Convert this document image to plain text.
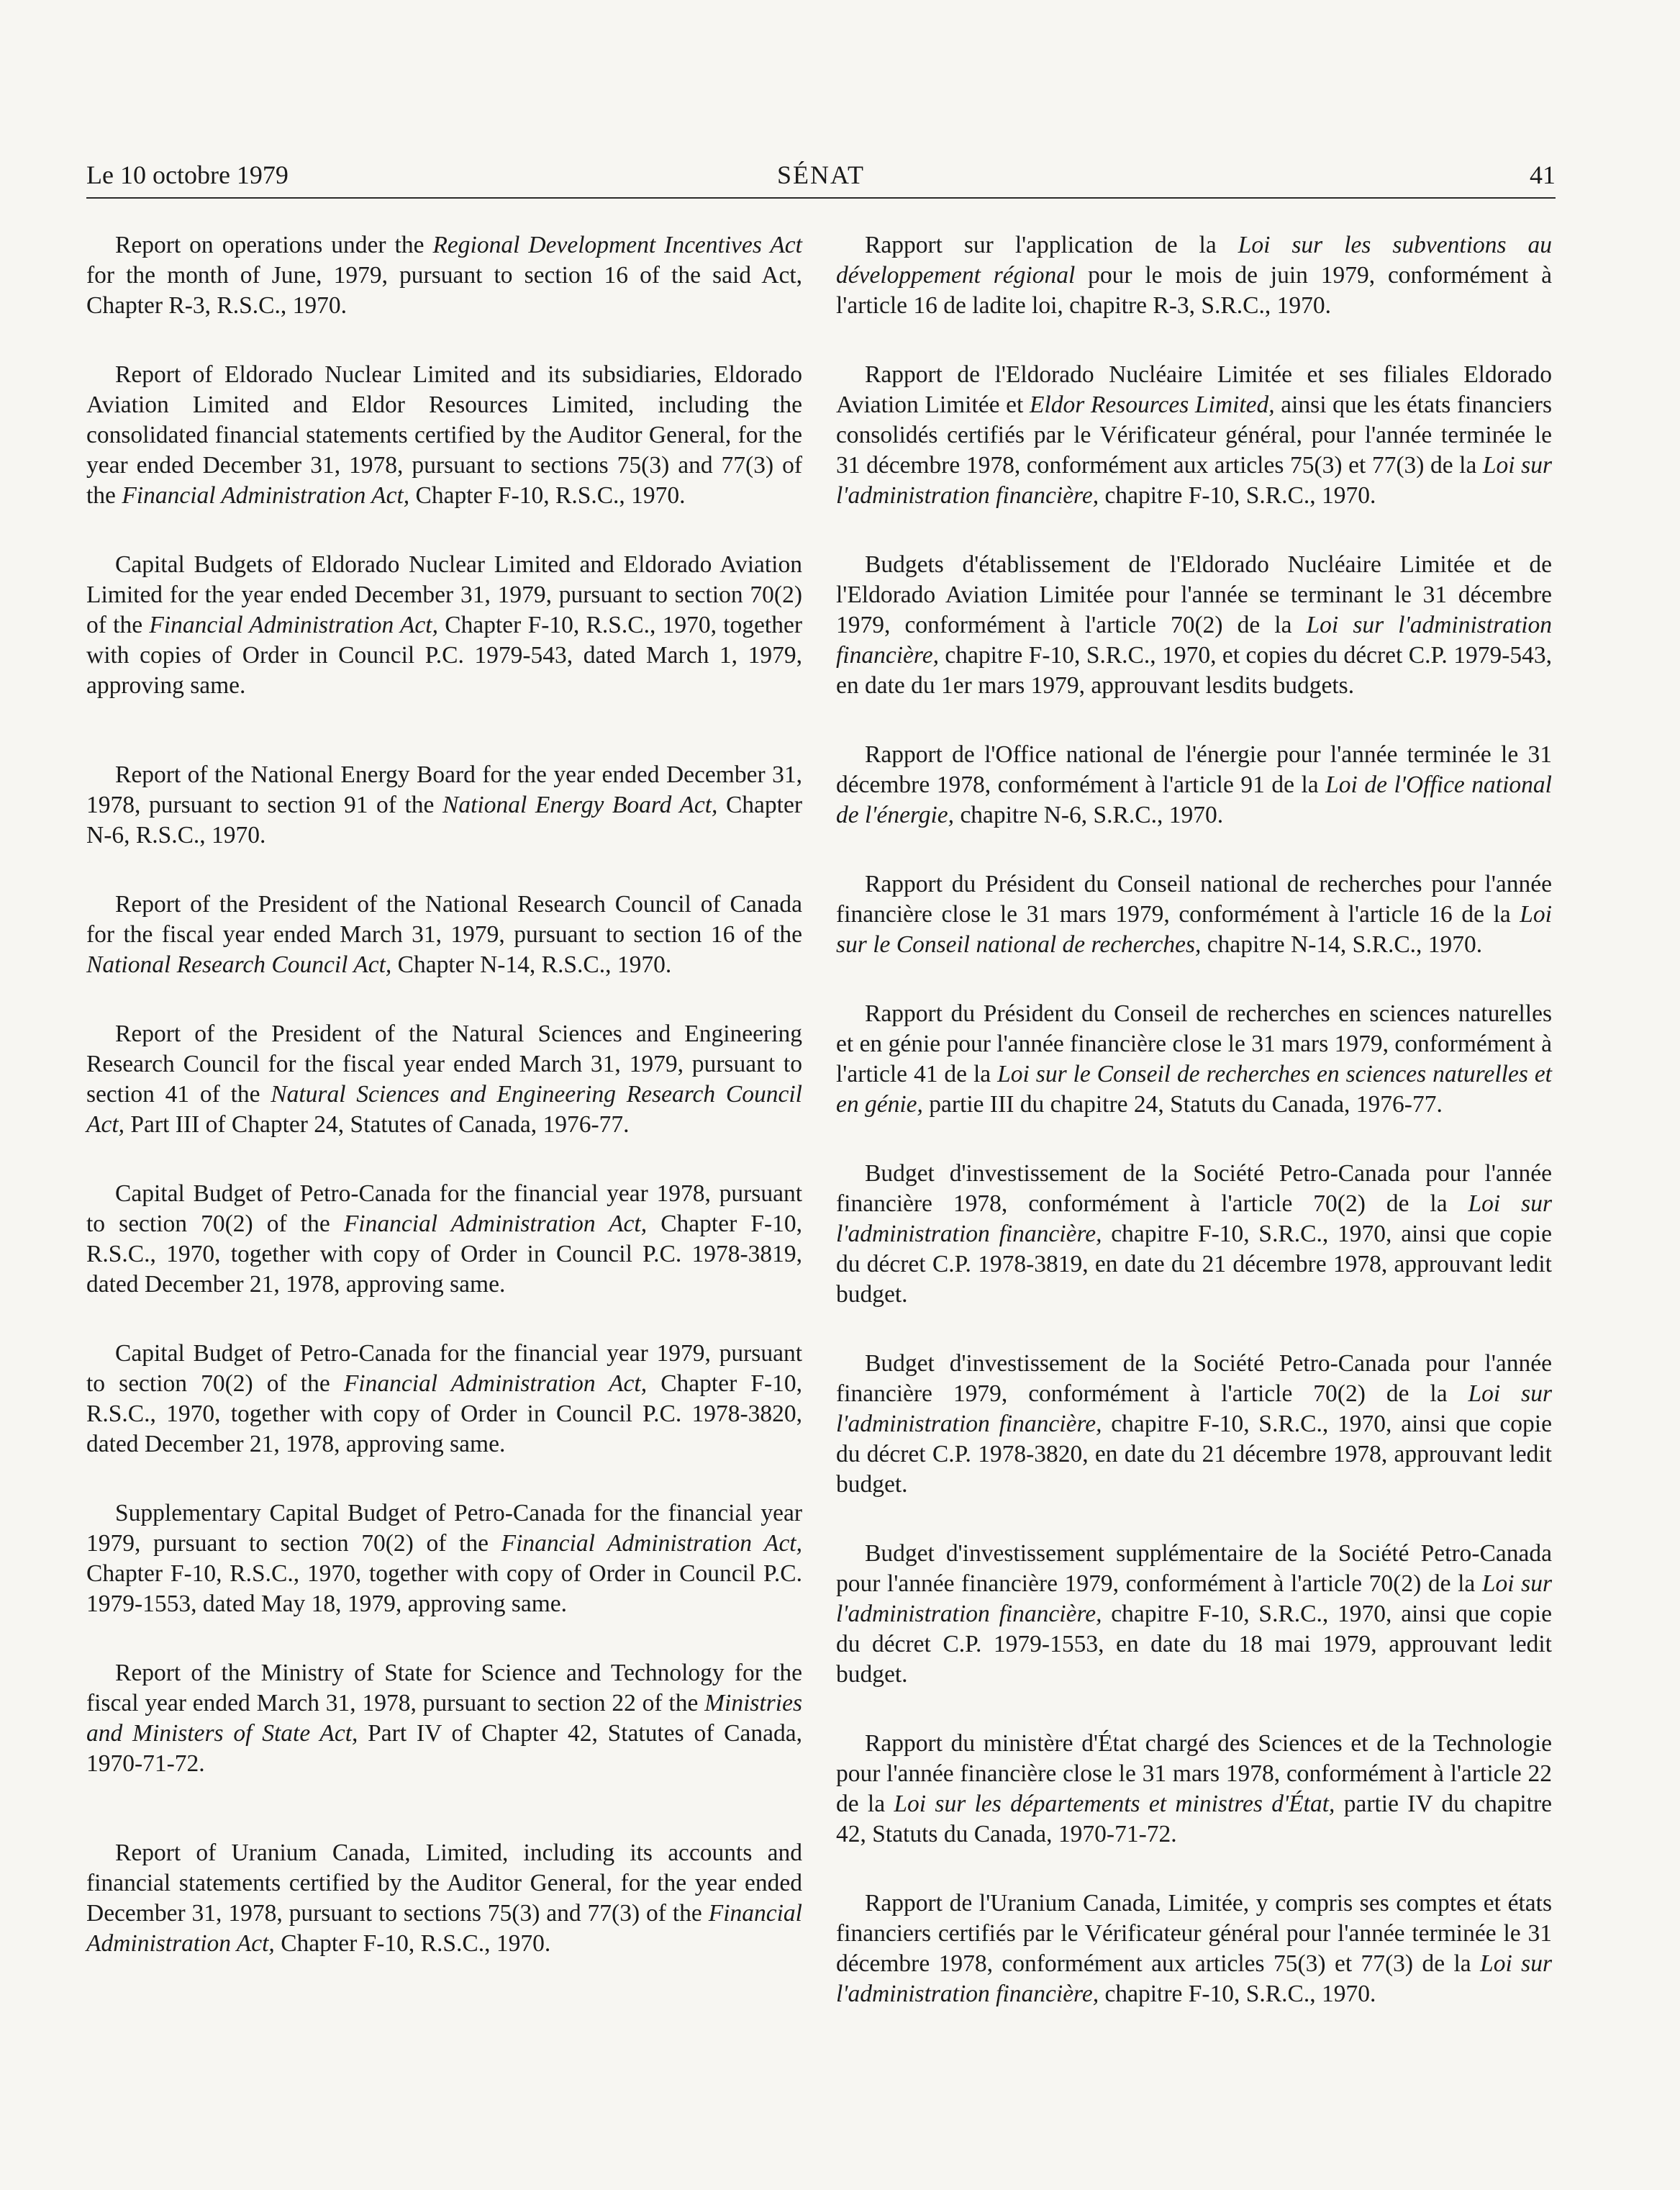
Le 10 octobre 1979	SÉNAT	41

Report on operations under the Regional Development Incentives Act for the month of June, 1979, pursuant to section 16 of the said Act, Chapter R-3, R.S.C., 1970.

Report of Eldorado Nuclear Limited and its subsidiaries, Eldorado Aviation Limited and Eldor Resources Limited, including the consolidated financial statements certified by the Auditor General, for the year ended December 31, 1978, pursuant to sections 75(3) and 77(3) of the Financial Administration Act, Chapter F-10, R.S.C., 1970.

Capital Budgets of Eldorado Nuclear Limited and Eldorado Aviation Limited for the year ended December 31, 1979, pursuant to section 70(2) of the Financial Administration Act, Chapter F-10, R.S.C., 1970, together with copies of Order in Council P.C. 1979-543, dated March 1, 1979, approving same.

Report of the National Energy Board for the year ended December 31, 1978, pursuant to section 91 of the National Energy Board Act, Chapter N-6, R.S.C., 1970.

Report of the President of the National Research Council of Canada for the fiscal year ended March 31, 1979, pursuant to section 16 of the National Research Council Act, Chapter N-14, R.S.C., 1970.

Report of the President of the Natural Sciences and Engineering Research Council for the fiscal year ended March 31, 1979, pursuant to section 41 of the Natural Sciences and Engineering Research Council Act, Part III of Chapter 24, Statutes of Canada, 1976-77.

Capital Budget of Petro-Canada for the financial year 1978, pursuant to section 70(2) of the Financial Administration Act, Chapter F-10, R.S.C., 1970, together with copy of Order in Council P.C. 1978-3819, dated December 21, 1978, approving same.

Capital Budget of Petro-Canada for the financial year 1979, pursuant to section 70(2) of the Financial Administration Act, Chapter F-10, R.S.C., 1970, together with copy of Order in Council P.C. 1978-3820, dated December 21, 1978, approving same.

Supplementary Capital Budget of Petro-Canada for the financial year 1979, pursuant to section 70(2) of the Financial Administration Act, Chapter F-10, R.S.C., 1970, together with copy of Order in Council P.C. 1979-1553, dated May 18, 1979, approving same.

Report of the Ministry of State for Science and Technology for the fiscal year ended March 31, 1978, pursuant to section 22 of the Ministries and Ministers of State Act, Part IV of Chapter 42, Statutes of Canada, 1970-71-72.

Report of Uranium Canada, Limited, including its accounts and financial statements certified by the Auditor General, for the year ended December 31, 1978, pursuant to sections 75(3) and 77(3) of the Financial Administration Act, Chapter F-10, R.S.C., 1970.

Rapport sur l'application de la Loi sur les subventions au développement régional pour le mois de juin 1979, conformément à l'article 16 de ladite loi, chapitre R-3, S.R.C., 1970.

Rapport de l'Eldorado Nucléaire Limitée et ses filiales Eldorado Aviation Limitée et Eldor Resources Limited, ainsi que les états financiers consolidés certifiés par le Vérificateur général, pour l'année terminée le 31 décembre 1978, conformément aux articles 75(3) et 77(3) de la Loi sur l'administration financière, chapitre F-10, S.R.C., 1970.

Budgets d'établissement de l'Eldorado Nucléaire Limitée et de l'Eldorado Aviation Limitée pour l'année se terminant le 31 décembre 1979, conformément à l'article 70(2) de la Loi sur l'administration financière, chapitre F-10, S.R.C., 1970, et copies du décret C.P. 1979-543, en date du 1er mars 1979, approuvant lesdits budgets.

Rapport de l'Office national de l'énergie pour l'année terminée le 31 décembre 1978, conformément à l'article 91 de la Loi de l'Office national de l'énergie, chapitre N-6, S.R.C., 1970.

Rapport du Président du Conseil national de recherches pour l'année financière close le 31 mars 1979, conformément à l'article 16 de la Loi sur le Conseil national de recherches, chapitre N-14, S.R.C., 1970.

Rapport du Président du Conseil de recherches en sciences naturelles et en génie pour l'année financière close le 31 mars 1979, conformément à l'article 41 de la Loi sur le Conseil de recherches en sciences naturelles et en génie, partie III du chapitre 24, Statuts du Canada, 1976-77.

Budget d'investissement de la Société Petro-Canada pour l'année financière 1978, conformément à l'article 70(2) de la Loi sur l'administration financière, chapitre F-10, S.R.C., 1970, ainsi que copie du décret C.P. 1978-3819, en date du 21 décembre 1978, approuvant ledit budget.

Budget d'investissement de la Société Petro-Canada pour l'année financière 1979, conformément à l'article 70(2) de la Loi sur l'administration financière, chapitre F-10, S.R.C., 1970, ainsi que copie du décret C.P. 1978-3820, en date du 21 décembre 1978, approuvant ledit budget.

Budget d'investissement supplémentaire de la Société Petro-Canada pour l'année financière 1979, conformément à l'article 70(2) de la Loi sur l'administration financière, chapitre F-10, S.R.C., 1970, ainsi que copie du décret C.P. 1979-1553, en date du 18 mai 1979, approuvant ledit budget.

Rapport du ministère d'État chargé des Sciences et de la Technologie pour l'année financière close le 31 mars 1978, conformément à l'article 22 de la Loi sur les départements et ministres d'État, partie IV du chapitre 42, Statuts du Canada, 1970-71-72.

Rapport de l'Uranium Canada, Limitée, y compris ses comptes et états financiers certifiés par le Vérificateur général pour l'année terminée le 31 décembre 1978, conformément aux articles 75(3) et 77(3) de la Loi sur l'administration financière, chapitre F-10, S.R.C., 1970.
